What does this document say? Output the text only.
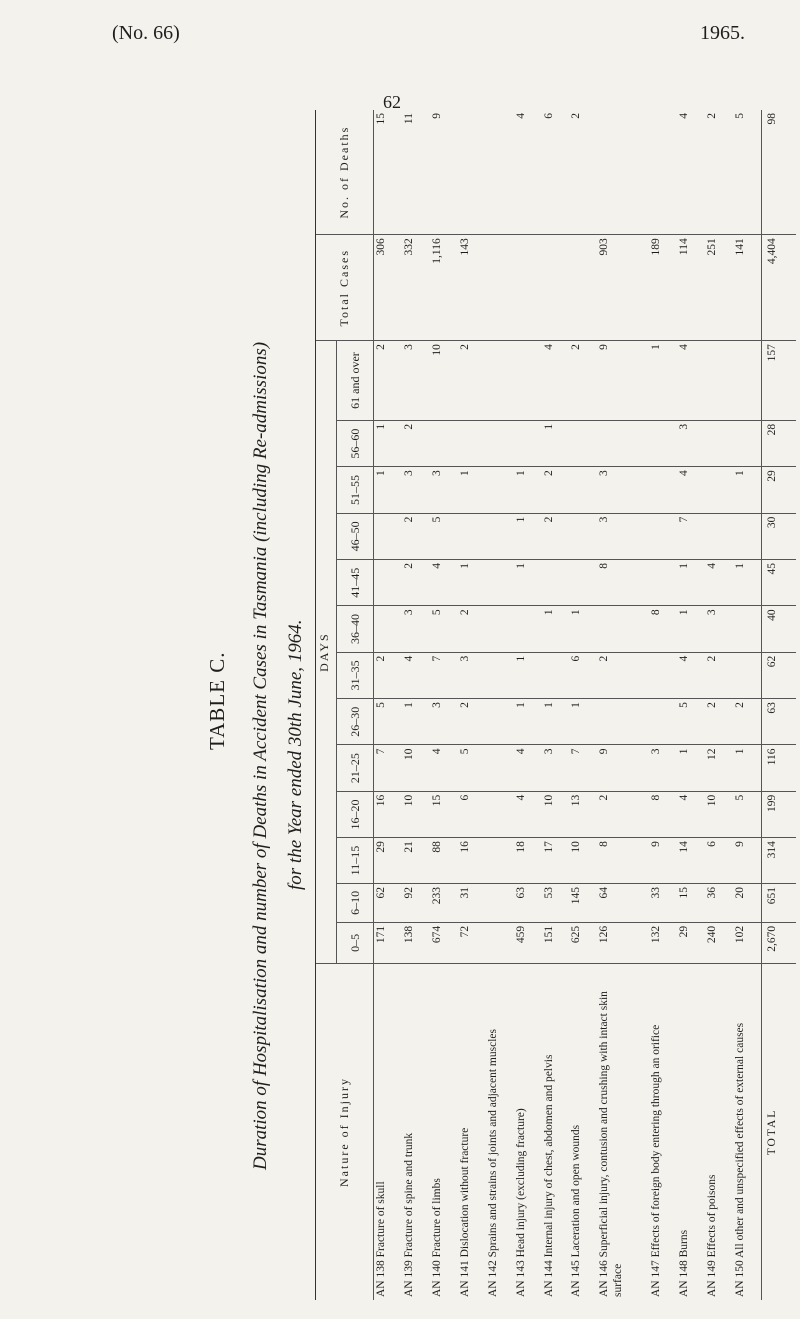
(No. 66)	1965.
62
TABLE C. Duration of Hospitalisation and number of Deaths in Accident Cases in Tasmania (including Re-admissions) for the Year ended 30th June, 1964.
Nature of Injury	DAYS													Total Cases	No. of Deaths
	0–5	6–10	11–15	16–20	21–25	26–30	31–35	36–40	41–45	46–50	51–55	56–60	61 and over		
AN 138 Fracture of skull	171	62	29	16	7	5	2				1	1	2	306	15
AN 139 Fracture of spine and trunk	138	92	21	10	10	1	4	3	2	2	3	2	3	332	11
AN 140 Fracture of limbs	674	233	88	15	4	3	7	5	4	5	3		10	1,116	9
AN 141 Dislocation without fracture	72	31	16	6	5	2	3	2	1		1		2	143	
AN 142 Sprains and strains of joints and adjacent muscles															
AN 143 Head injury (excluding fracture)	459	63	18	4	4	1	1		1	1	1				4
AN 144 Internal injury of chest, abdomen and pelvis	151	53	17	10	3	1		1		2	2	1	4		6
AN 145 Laceration and open wounds	625	145	10	13	7	1	6	1					2		2
AN 146 Superficial injury, contusion and crushing with intact skin surface	126	64	8	2	9		2		8	3	3		9	903	
AN 147 Effects of foreign body entering through an orifice	132	33	9	8	3			8					1	189	
AN 148 Burns	29	15	14	4	1	5	4	1	1	7	4	3	4	114	4
AN 149 Effects of poisons	240	36	6	10	12	2	2	3	4					251	2
AN 150 All other and unspecified effects of external causes	102	20	9	5	1	2			1		1			141	5
TOTAL	2,670	651	314	199	116	63	62	40	45	30	29	28	157	4,404	98
